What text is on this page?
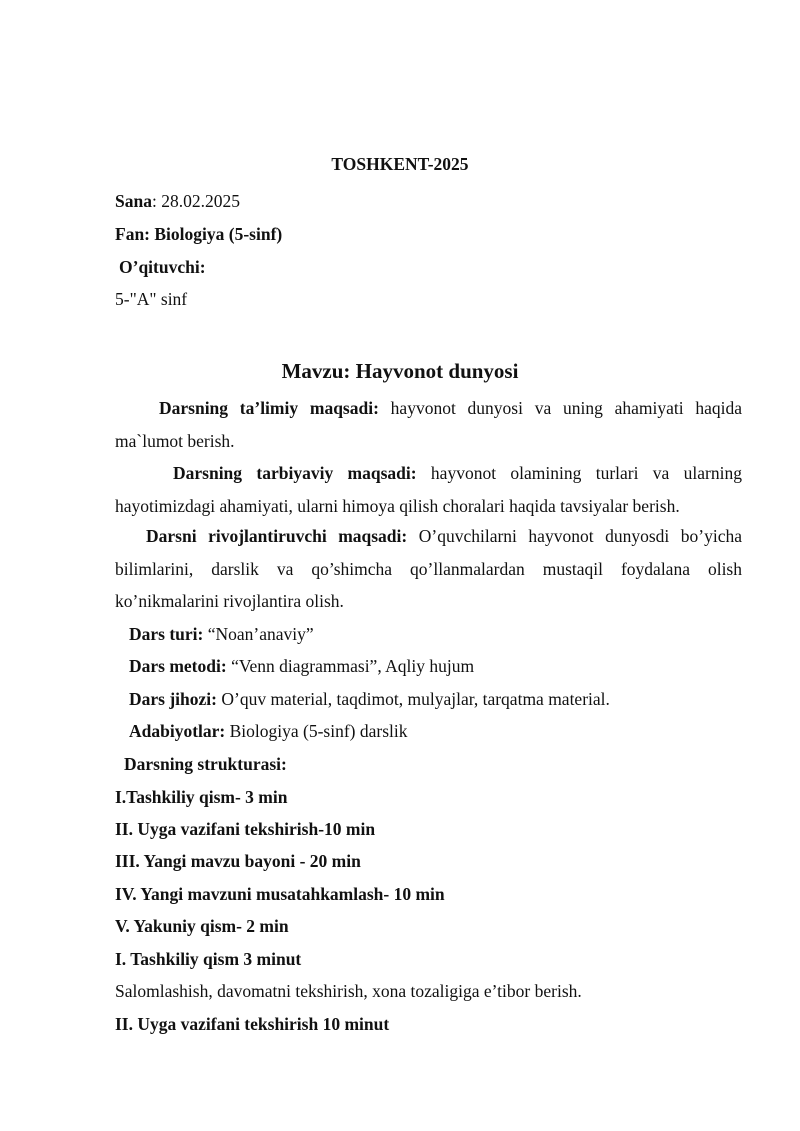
TOSHKENT-2025
Sana: 28.02.2025
Fan: Biologiya (5-sinf)
O’qituvchi:
5-"A" sinf
Mavzu: Hayvonot dunyosi
Darsning ta’limiy maqsadi: hayvonot dunyosi va uning ahamiyati haqida ma`lumot berish.
Darsning tarbiyaviy maqsadi: hayvonot olamining turlari va ularning hayotimizdagi ahamiyati, ularni himoya qilish choralari haqida tavsiyalar berish.
Darsni rivojlantiruvchi maqsadi: O’quvchilarni hayvonot dunyosdi bo’yicha bilimlarini, darslik va qo’shimcha qo’llanmalardan mustaqil foydalana olish ko’nikmalarini rivojlantira olish.
Dars turi: “Noan’anaviy”
Dars metodi: “Venn diagrammasi”, Aqliy hujum
Dars jihozi: O’quv material, taqdimot, mulyajlar, tarqatma material.
Adabiyotlar: Biologiya (5-sinf) darslik
Darsning strukturasi:
I.Tashkiliy qism- 3 min
II. Uyga vazifani tekshirish-10 min
III. Yangi mavzu bayoni - 20 min
IV. Yangi mavzuni musatahkamlash- 10 min
V. Yakuniy qism- 2 min
I. Tashkiliy qism 3 minut
Salomlashish, davomatni tekshirish, xona tozaligiga e’tibor berish.
II. Uyga vazifani tekshirish 10 minut
